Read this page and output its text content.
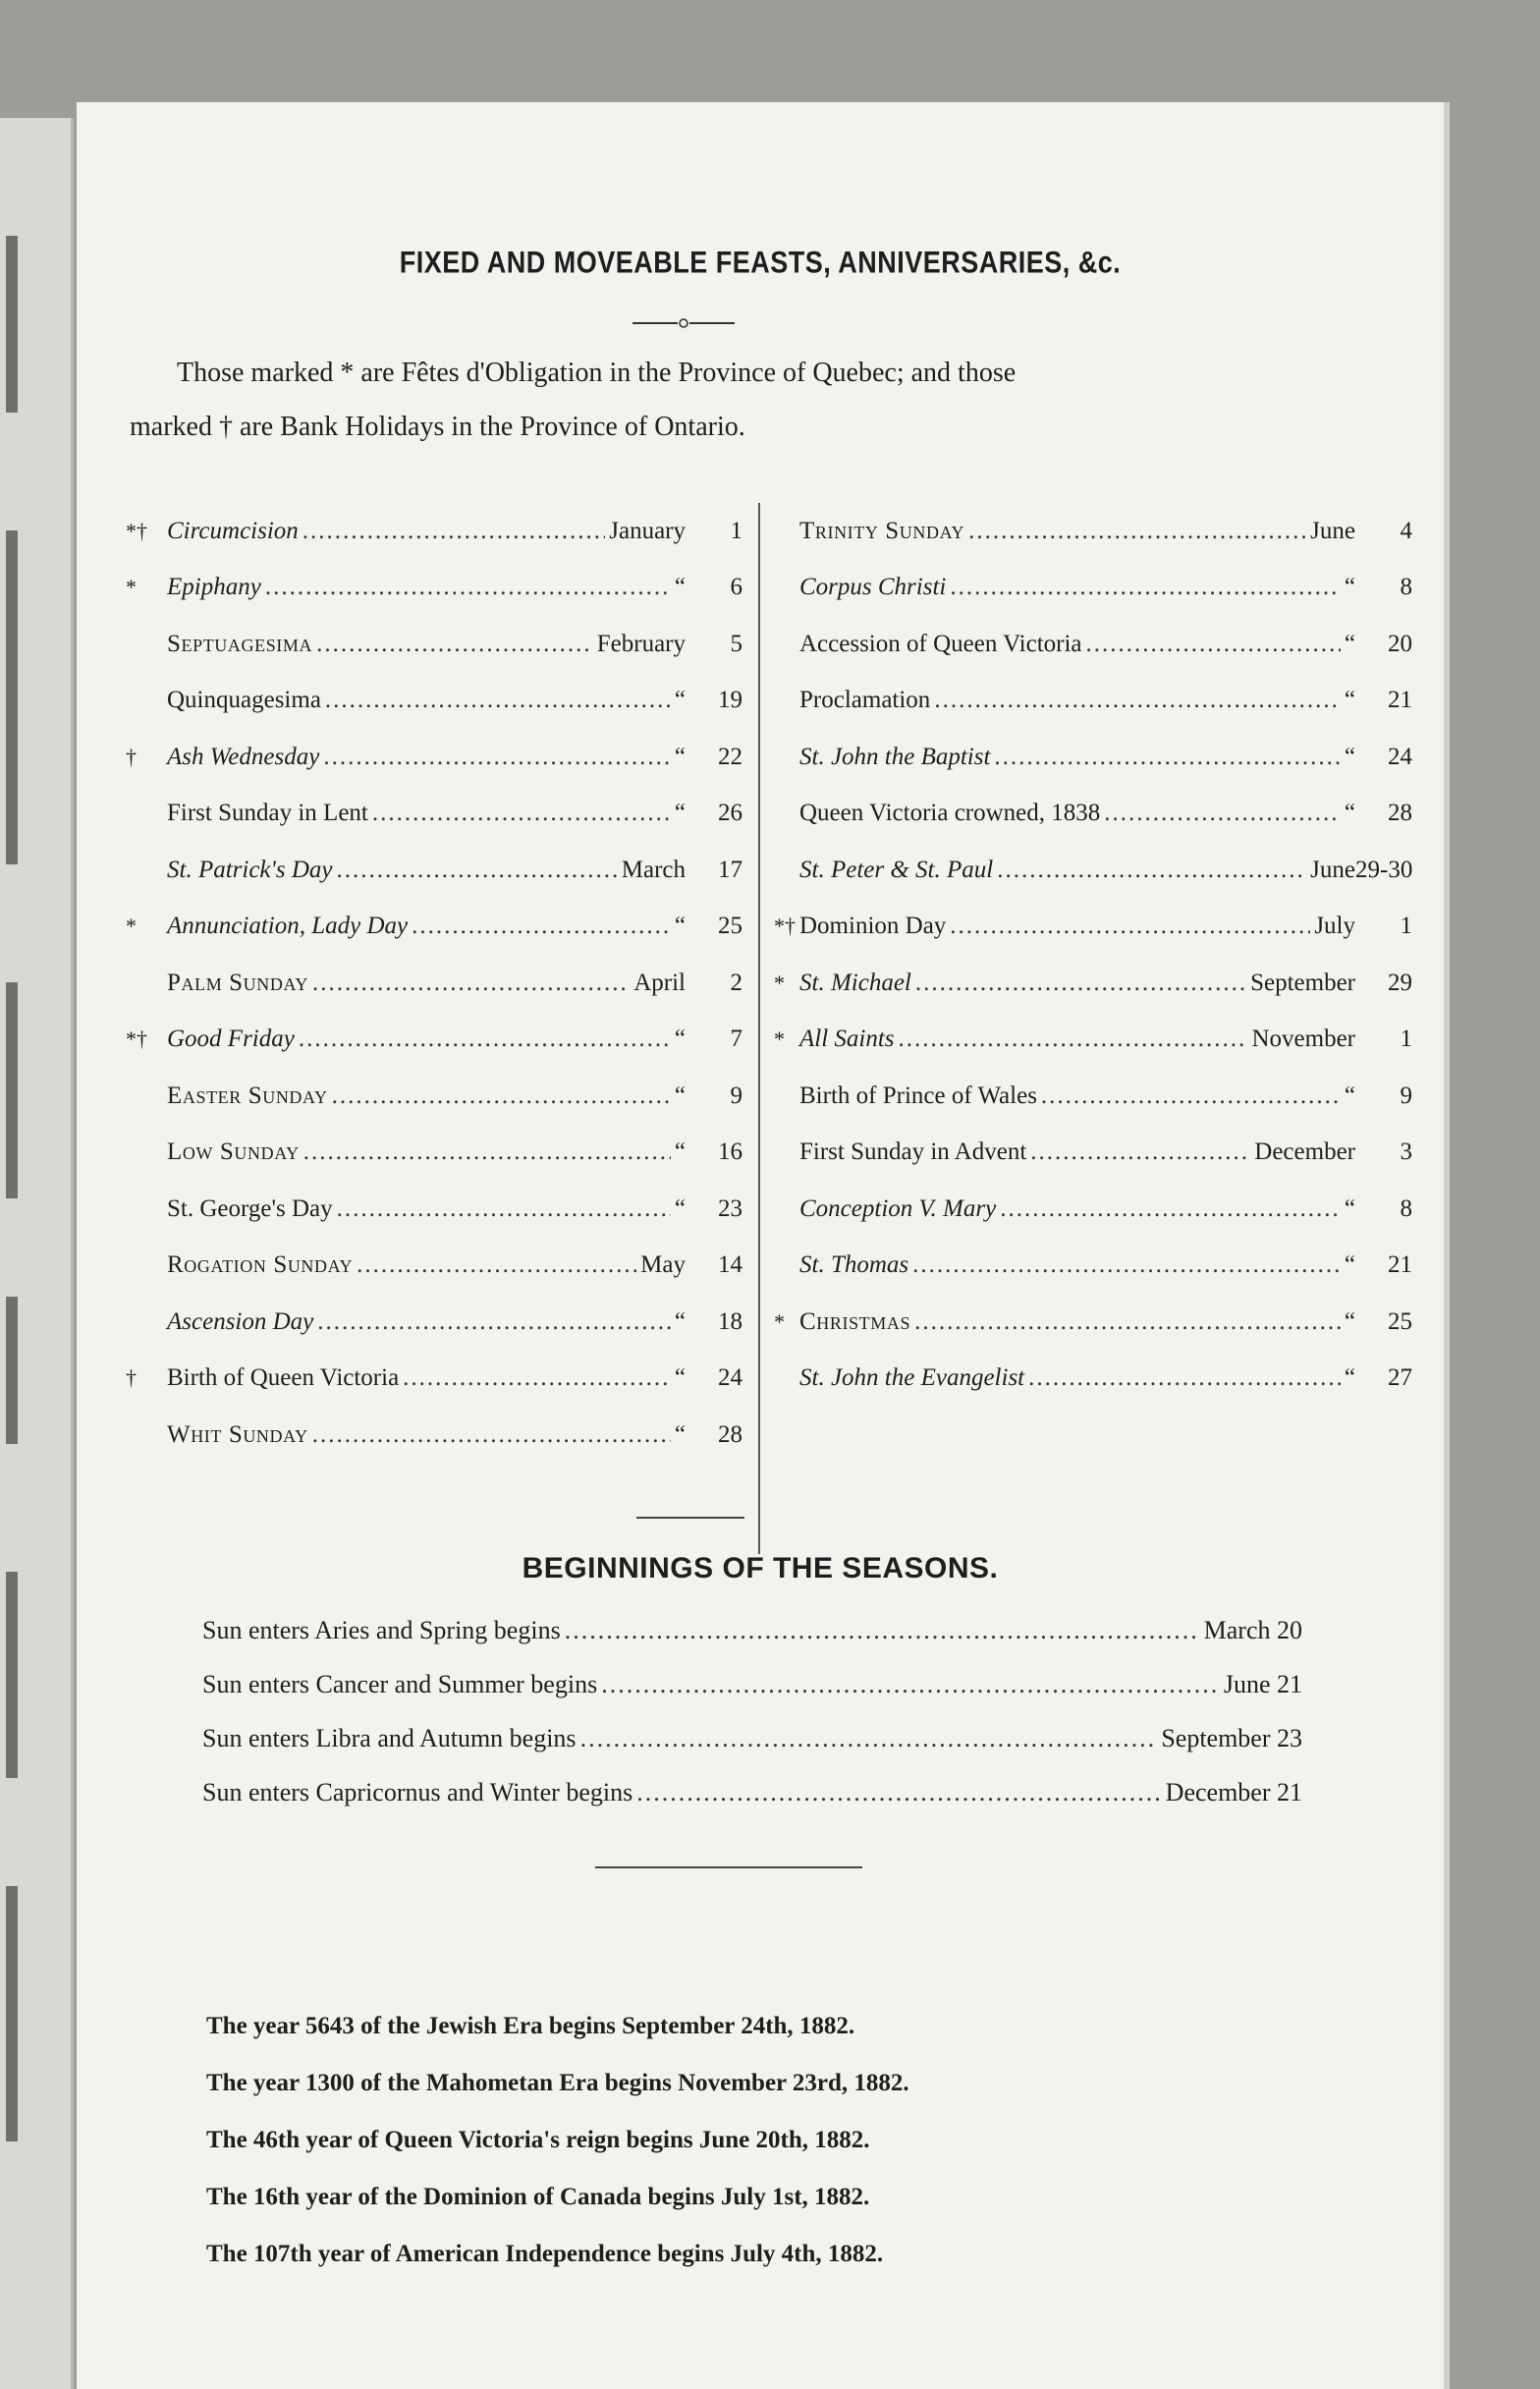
FIXED AND MOVEABLE FEASTS, ANNIVERSARIES, &c.

Those marked * are Fêtes d'Obligation in the Province of Quebec; and those

marked † are Bank Holidays in the Province of Ontario.

*† Circumcision .....	January	1
*	Epiphany .....	“	6
Septuagesima .....	February	5
Quinquagesima .....	“	19
†	Ash Wednesday .....	“	22
First Sunday in Lent .....	“	26
St. Patrick's Day .....	March	17
*	Annunciation, Lady Day .....	“	25
Palm Sunday .....	April	2
*† Good Friday .....	“	7
Easter Sunday .....	“	9
Low Sunday .....	“	16
St. George's Day .....	“	23
Rogation Sunday .....	May	14
Ascension Day .....	“	18
†	Birth of Queen Victoria .....	“	24
Whit Sunday .....	“	28
Trinity Sunday .....	June	4
Corpus Christi .....	“	8
Accession of Queen Victoria .....	“	20
Proclamation .....	“	21
St. John the Baptist .....	“	24
Queen Victoria crowned, 1838 .....	“	28
St. Peter & St. Paul .....	June 29-30
*† Dominion Day .....	July	1
* St. Michael .....	September	29
* All Saints .....	November	1
Birth of Prince of Wales .....	“	9
First Sunday in Advent .....	December	3
Conception V. Mary .....	“	8
St. Thomas .....	“	21
* Christmas .....	“	25
St. John the Evangelist .....	“	27
BEGINNINGS OF THE SEASONS.
Sun enters Aries and Spring begins .....	March 20
Sun enters Cancer and Summer begins .....	June 21
Sun enters Libra and Autumn begins .....	September 23
Sun enters Capricornus and Winter begins .....	December 21

The year 5643 of the Jewish Era begins September 24th, 1882.

The year 1300 of the Mahometan Era begins November 23rd, 1882.

The 46th year of Queen Victoria's reign begins June 20th, 1882.

The 16th year of the Dominion of Canada begins July 1st, 1882.

The 107th year of American Independence begins July 4th, 1882.
